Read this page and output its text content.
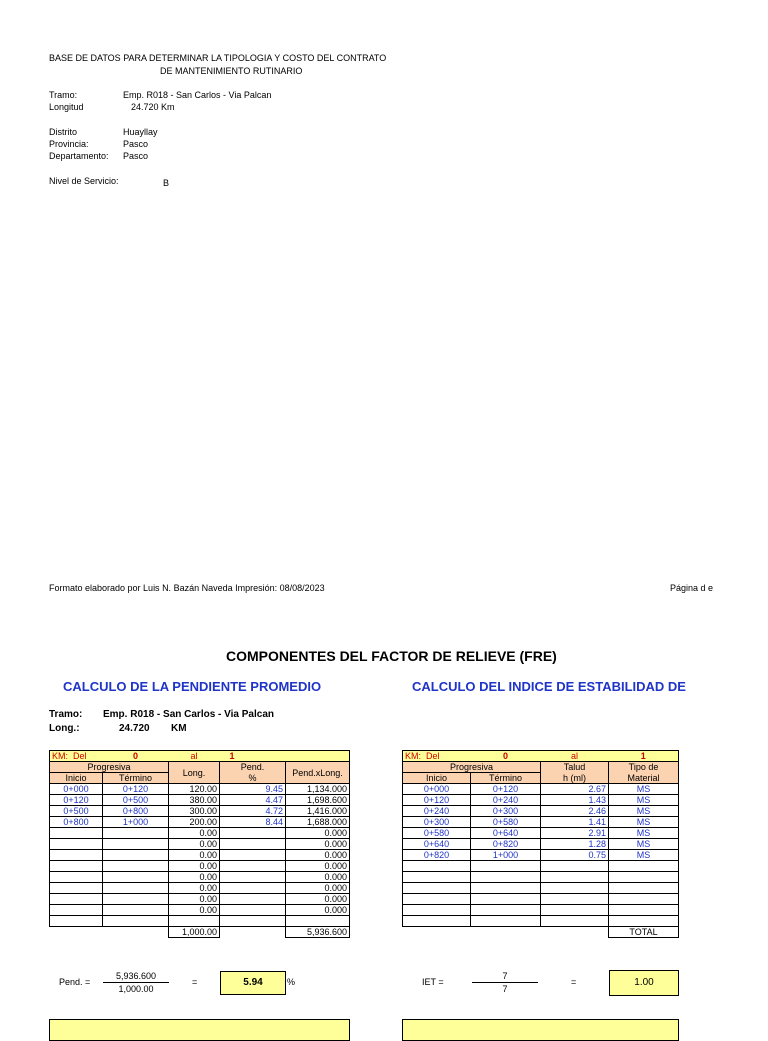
BASE DE DATOS PARA DETERMINAR LA TIPOLOGIA Y COSTO DEL CONTRATO
DE MANTENIMIENTO RUTINARIO
Tramo:	Emp. R018 - San Carlos - Via Palcan
Longitud	24.720 Km
Distrito	Huayllay
Provincia:	Pasco
Departamento: Pasco
Nivel de Servicio:	B
Formato elaborado por Luis N. Bazán Naveda Impresión: 08/08/2023	Página d e
COMPONENTES DEL FACTOR DE RELIEVE (FRE)
CALCULO DE LA PENDIENTE PROMEDIO	CALCULO DEL INDICE DE ESTABILIDAD DE
Tramo: Emp. R018 - San Carlos - Via Palcan
Long.:	24.720 KM
KM: Del	0	al	1	
Progresiva		Long.	Pend.	Pend.xLong.
Inicio	Término		%	
0+000	0+120	120.00	9.45	1,134.000
0+120	0+500	380.00	4.47	1,698.600
0+500	0+800	300.00	4.72	1,416.000
0+800	1+000	200.00	8.44	1,688.000
		0.00		0.000
		0.00		0.000
		0.00		0.000
		0.00		0.000
		0.00		0.000
		0.00		0.000
		0.00		0.000
		0.00		0.000

		1,000.00		5,936.600
Pend. =
5,936.600
1,000.00
=	5.94	%
KM: Del	0	al	1
Progresiva		Talud	Tipo de
Inicio	Término	h (ml)	Material
0+000	0+120	2.67	MS
0+120	0+240	1.43	MS
0+240	0+300	2.46	MS
0+300	0+580	1.41	MS
0+580	0+640	2.91	MS
0+640	0+820	1.28	MS
0+820	1+000	0.75	MS

			TOTAL
IET =
7
7
=	1.00
